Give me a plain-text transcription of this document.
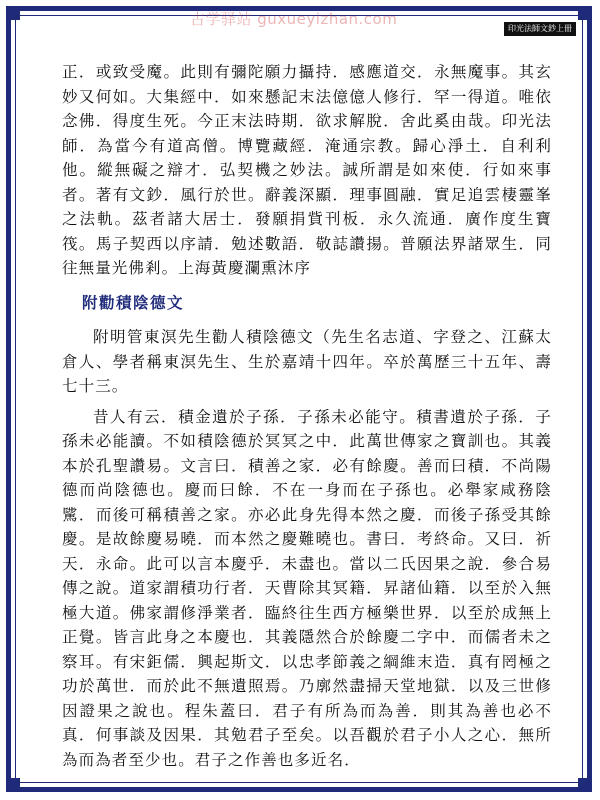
古学驿站 guxueyizhan.com
印光法師文鈔上冊

正．或致受魔。此則有彌陀願力攝持．感應道交．永無魔事。其玄妙又何如。大集經中．如來懸記末法億億人修行．罕一得道。唯依念佛．得度生死。今正末法時期．欲求解脫．舍此奚由哉。印光法師．為當今有道高僧。博覽藏經．淹通宗教。歸心淨土．自利利他。縱無礙之辯才．弘契機之妙法。誠所謂是如來使．行如來事者。著有文鈔．風行於世。辭義深顯．理事圓融．實足追雲棲靈峯之法軌。茲者諸大居士．發願捐貲刊板．永久流通．廣作度生寶筏。馬子契西以序請．勉述數語．敬誌讚揚。普願法界諸眾生．同往無量光佛剎。上海黃慶瀾熏沐序

附勸積陰德文

附明管東溟先生勸人積陰德文（先生名志道、字登之、江蘇太倉人、學者稱東溟先生、生於嘉靖十四年。卒於萬歷三十五年、壽七十三。

昔人有云．積金遺於子孫．子孫未必能守。積書遺於子孫．子孫未必能讀。不如積陰德於冥冥之中．此萬世傳家之寶訓也。其義本於孔聖讚易。文言曰．積善之家．必有餘慶。善而曰積．不尚陽德而尚陰德也。慶而曰餘．不在一身而在子孫也。必舉家咸務陰騭．而後可稱積善之家。亦必此身先得本然之慶．而後子孫受其餘慶。是故餘慶易曉．而本然之慶難曉也。書曰．考終命。又曰．祈天．永命。此可以言本慶乎．未盡也。當以二氏因果之說．參合易傳之說。道家謂積功行者．天曹除其冥籍．昇諸仙籍．以至於入無極大道。佛家謂修淨業者．臨終往生西方極樂世界．以至於成無上正覺。皆言此身之本慶也．其義隱然合於餘慶二字中．而儒者未之察耳。有宋鉅儒．興起斯文．以忠孝節義之綱維末造．真有罔極之功於萬世．而於此不無遺照焉。乃廓然盡掃天堂地獄．以及三世修因證果之說也。程朱蓋曰．君子有所為而為善．則其為善也必不真．何事談及因果．其勉君子至矣。以吾觀於君子小人之心．無所為而為者至少也。君子之作善也多近名．
